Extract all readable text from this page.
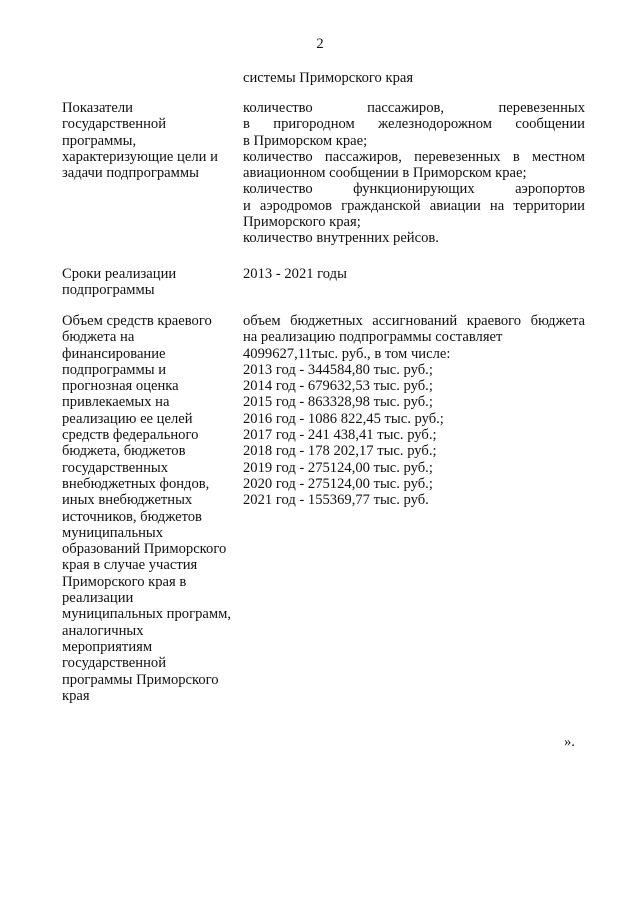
2
системы Приморского края
Показатели
государственной
программы,
характеризующие цели и
задачи подпрограммы
количество пассажиров, перевезенных
в пригородном железнодорожном сообщении
в Приморском крае;
количество пассажиров, перевезенных в местном
авиационном сообщении в Приморском крае;
количество функционирующих аэропортов
и аэродромов гражданской авиации на территории
Приморского края;
количество внутренних рейсов.
Сроки реализации
подпрограммы
2013 - 2021 годы
Объем средств краевого
бюджета на
финансирование
подпрограммы и
прогнозная оценка
привлекаемых на
реализацию ее целей
средств федерального
бюджета, бюджетов
государственных
внебюджетных фондов,
иных внебюджетных
источников, бюджетов
муниципальных
образований Приморского
края в случае участия
Приморского края в
реализации
муниципальных программ,
аналогичных
мероприятиям
государственной
программы Приморского
края
объем бюджетных ассигнований краевого бюджета
на реализацию подпрограммы составляет
4099627,11тыс. руб., в том числе:
2013 год - 344584,80 тыс. руб.;
2014 год - 679632,53 тыс. руб.;
2015 год - 863328,98 тыс. руб.;
2016 год - 1086 822,45 тыс. руб.;
2017 год - 241 438,41 тыс. руб.;
2018 год - 178 202,17 тыс. руб.;
2019 год - 275124,00 тыс. руб.;
2020 год - 275124,00 тыс. руб.;
2021 год - 155369,77 тыс. руб.
».
